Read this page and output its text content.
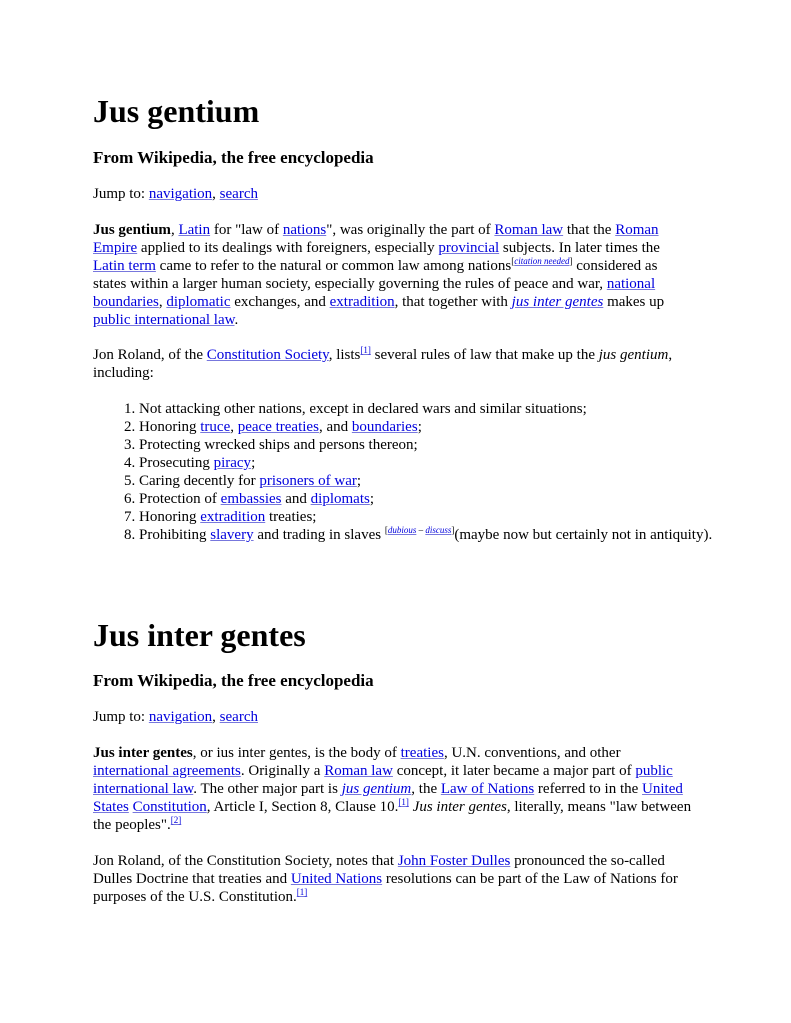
Jus gentium
From Wikipedia, the free encyclopedia

Jump to: navigation, search

Jus gentium, Latin for "law of nations", was originally the part of Roman law that the Roman Empire applied to its dealings with foreigners, especially provincial subjects. In later times the Latin term came to refer to the natural or common law among nations[citation needed] considered as states within a larger human society, especially governing the rules of peace and war, national boundaries, diplomatic exchanges, and extradition, that together with jus inter gentes makes up public international law.

Jon Roland, of the Constitution Society, lists[1] several rules of law that make up the jus gentium, including:

1. Not attacking other nations, except in declared wars and similar situations;
2. Honoring truce, peace treaties, and boundaries;
3. Protecting wrecked ships and persons thereon;
4. Prosecuting piracy;
5. Caring decently for prisoners of war;
6. Protection of embassies and diplomats;
7. Honoring extradition treaties;
8. Prohibiting slavery and trading in slaves [dubious – discuss](maybe now but certainly not in antiquity).
Jus inter gentes
From Wikipedia, the free encyclopedia

Jump to: navigation, search

Jus inter gentes, or ius inter gentes, is the body of treaties, U.N. conventions, and other international agreements. Originally a Roman law concept, it later became a major part of public international law. The other major part is jus gentium, the Law of Nations referred to in the United States Constitution, Article I, Section 8, Clause 10.[1] Jus inter gentes, literally, means "law between the peoples".[2]

Jon Roland, of the Constitution Society, notes that John Foster Dulles pronounced the so-called Dulles Doctrine that treaties and United Nations resolutions can be part of the Law of Nations for purposes of the U.S. Constitution.[1]
